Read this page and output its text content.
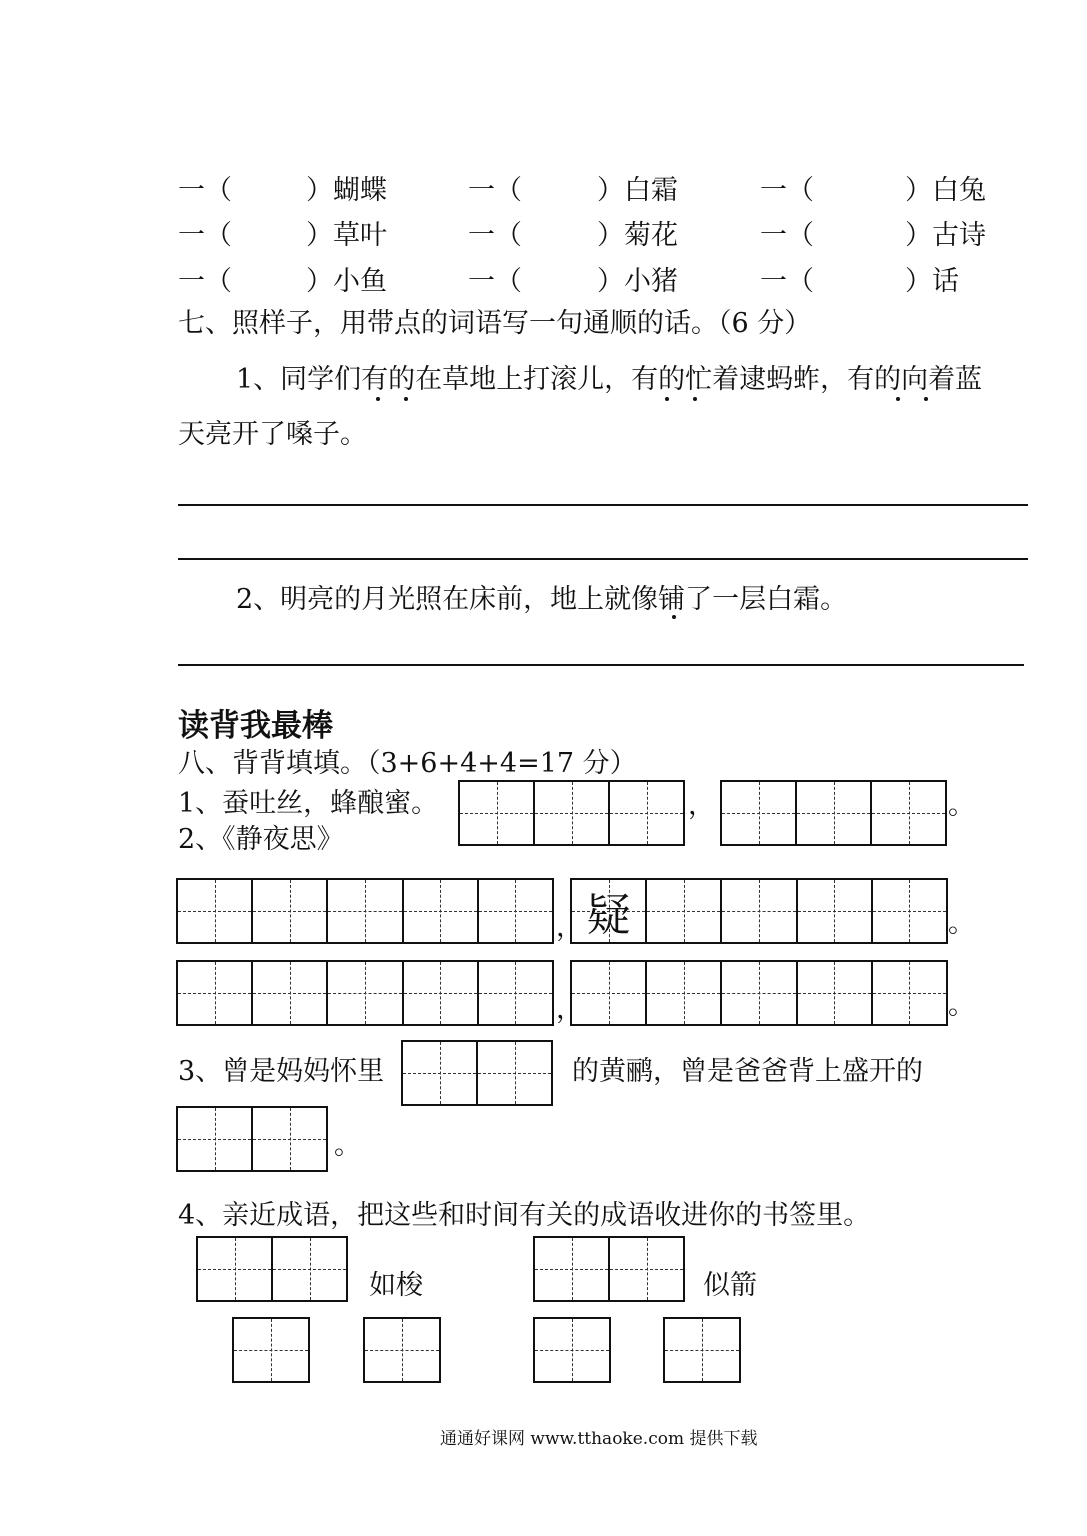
一（	）蝴蝶	一（	）白霜	一（	）白兔
一（	）草叶	一（	）菊花	一（	）古诗
一（	）小鱼	一（	）小猪	一（	）话
七、照样子，用带点的词语写一句通顺的话。（6 分）
1、同学们有的在草地上打滚儿，有的忙着逮蚂蚱，有的向着蓝
天亮开了嗓子。
2、明亮的月光照在床前，地上就像铺了一层白霜。
读背我最棒
八、背背填填。（3+6+4+4=17 分）
1、蚕吐丝，蜂酿蜜。
2、《静夜思》
，	。
， 疑	。
，	。
3、曾是妈妈怀里	的黄鹂，曾是爸爸背上盛开的
。
4、亲近成语，把这些和时间有关的成语收进你的书签里。
如梭	似箭
通通好课网 www.tthaoke.com 提供下载
